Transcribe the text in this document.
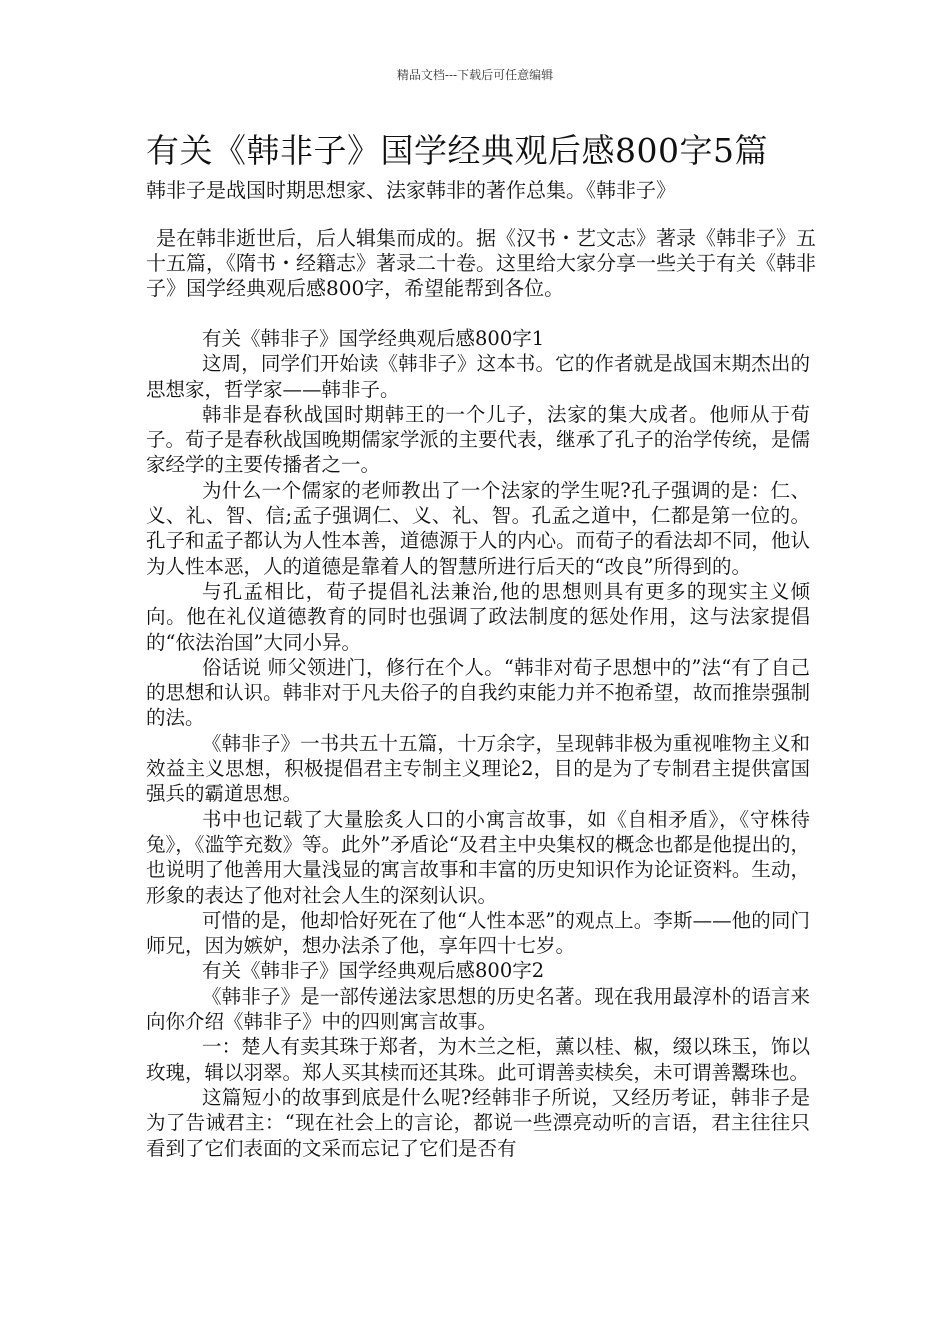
精品文档---下载后可任意编辑
有关《韩非子》国学经典观后感800字5篇
韩非子是战国时期思想家、法家韩非的著作总集。《韩非子》
是在韩非逝世后，后人辑集而成的。据《汉书・艺文志》著录《韩非子》五十五篇，《隋书・经籍志》著录二十卷。这里给大家分享一些关于有关《韩非子》国学经典观后感800字，希望能帮到各位。

有关《韩非子》国学经典观后感800字1

这周，同学们开始读《韩非子》这本书。它的作者就是战国末期杰出的思想家，哲学家——韩非子。

韩非是春秋战国时期韩王的一个儿子，法家的集大成者。他师从于荀子。荀子是春秋战国晚期儒家学派的主要代表，继承了孔子的治学传统，是儒家经学的主要传播者之一。

为什么一个儒家的老师教出了一个法家的学生呢?孔子强调的是：仁、义、礼、智、信;孟子强调仁、义、礼、智。孔孟之道中，仁都是第一位的。孔子和孟子都认为人性本善，道德源于人的内心。而荀子的看法却不同，他认为人性本恶，人的道德是靠着人的智慧所进行后天的“改良”所得到的。

与孔孟相比，荀子提倡礼法兼治,他的思想则具有更多的现实主义倾向。他在礼仪道德教育的同时也强调了政法制度的惩处作用，这与法家提倡的“依法治国”大同小异。

俗话说 师父领进门，修行在个人。“韩非对荀子思想中的”法“有了自己的思想和认识。韩非对于凡夫俗子的自我约束能力并不抱希望，故而推崇强制的法。

《韩非子》一书共五十五篇，十万余字，呈现韩非极为重视唯物主义和效益主义思想，积极提倡君主专制主义理论2，目的是为了专制君主提供富国强兵的霸道思想。

书中也记载了大量脍炙人口的小寓言故事，如《自相矛盾》，《守株待兔》，《滥竽充数》等。此外”矛盾论“及君主中央集权的概念也都是他提出的，也说明了他善用大量浅显的寓言故事和丰富的历史知识作为论证资料。生动，形象的表达了他对社会人生的深刻认识。

可惜的是，他却恰好死在了他“人性本恶”的观点上。李斯——他的同门师兄，因为嫉妒，想办法杀了他，享年四十七岁。

有关《韩非子》国学经典观后感800字2

《韩非子》是一部传递法家思想的历史名著。现在我用最淳朴的语言来向你介绍《韩非子》中的四则寓言故事。

一：楚人有卖其珠于郑者，为木兰之柜，薰以桂、椒，缀以珠玉，饰以玫瑰，辑以羽翠。郑人买其椟而还其珠。此可谓善卖椟矣，未可谓善鬻珠也。

这篇短小的故事到底是什么呢?经韩非子所说，又经历考证，韩非子是为了告诫君主：“现在社会上的言论，都说一些漂亮动听的言语，君主往往只看到了它们表面的文采而忘记了它们是否有
